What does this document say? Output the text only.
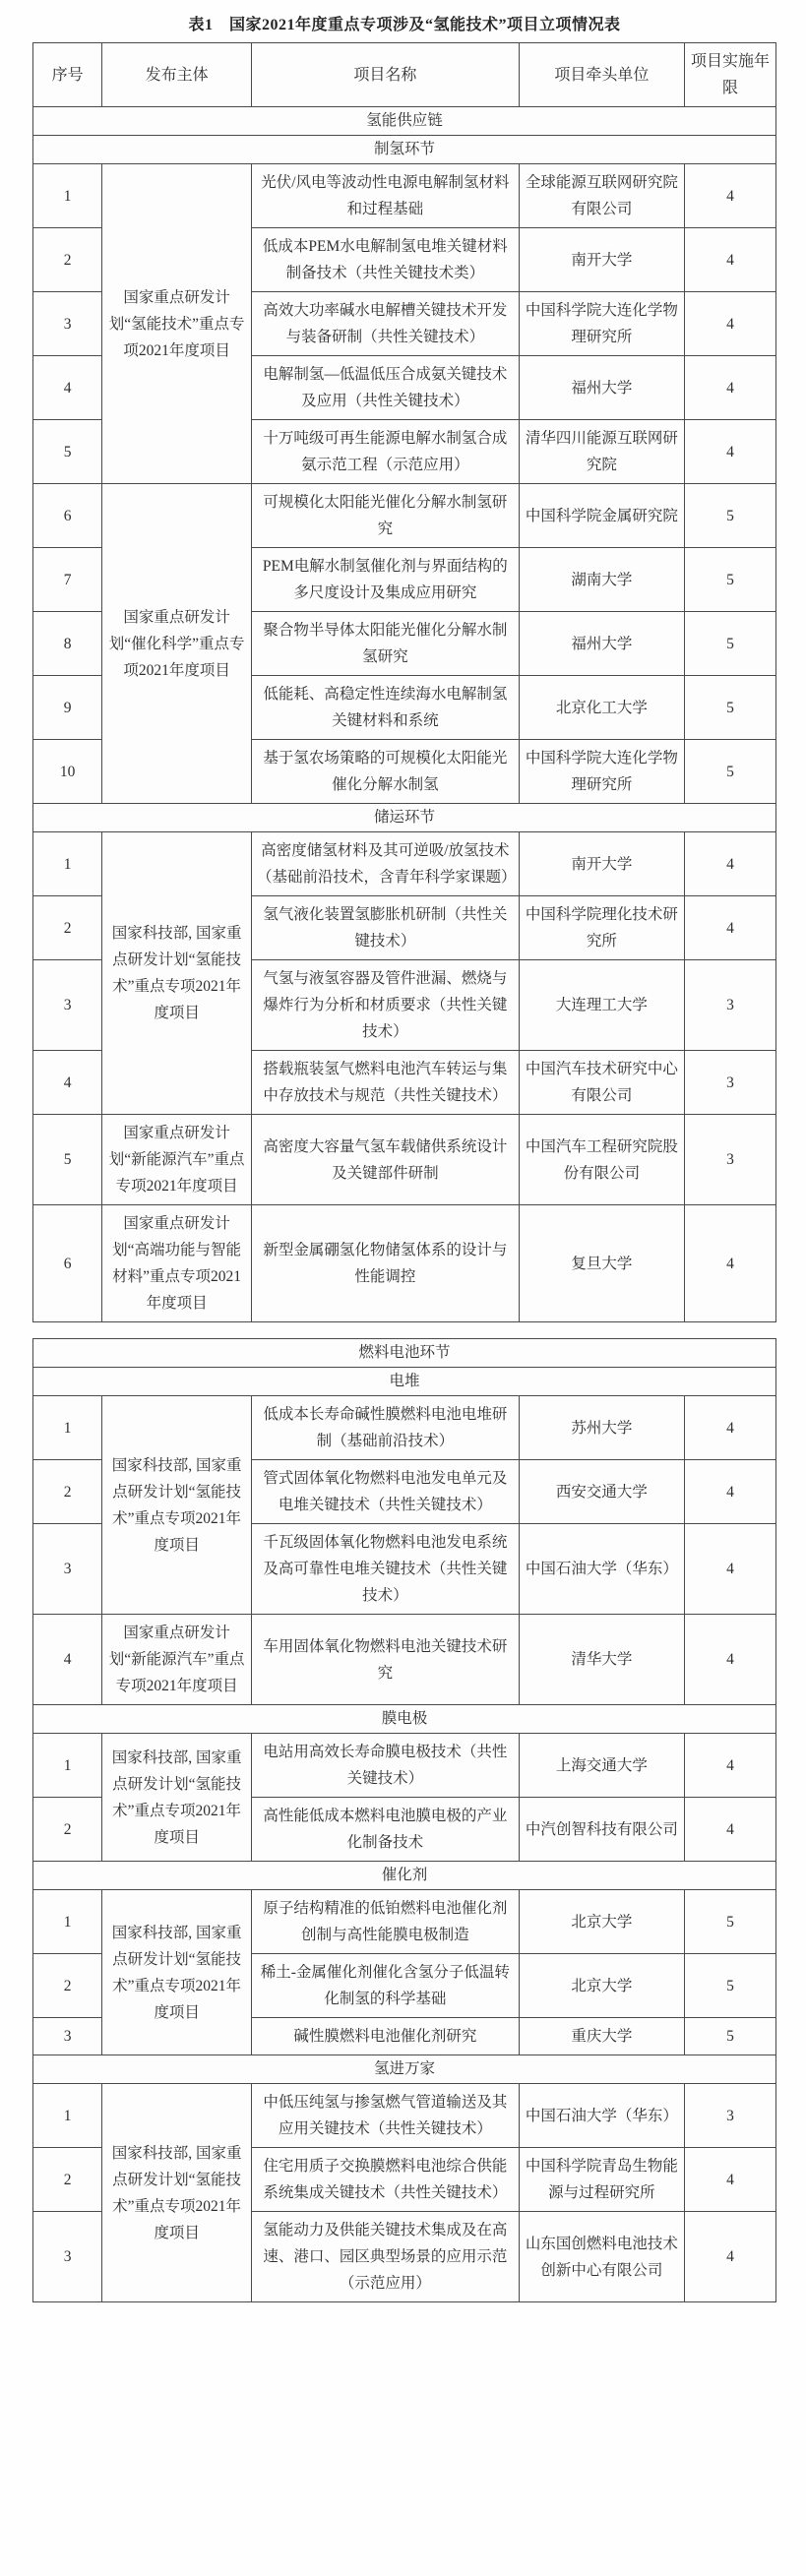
表1　国家2021年度重点专项涉及“氢能技术”项目立项情况表
序号	发布主体	项目名称	项目牵头单位	项目实施年限
氢能供应链				
制氢环节				
1	国家重点研发计划“氢能技术”重点专项2021年度项目	光伏/风电等波动性电源电解制氢材料和过程基础	全球能源互联网研究院有限公司	4
2		低成本PEM水电解制氢电堆关键材料制备技术（共性关键技术类）	南开大学	4
3		高效大功率碱水电解槽关键技术开发与装备研制（共性关键技术）	中国科学院大连化学物理研究所	4
4		电解制氢—低温低压合成氨关键技术及应用（共性关键技术）	福州大学	4
5		十万吨级可再生能源电解水制氢合成氨示范工程（示范应用）	清华四川能源互联网研究院	4
6	国家重点研发计划“催化科学”重点专项2021年度项目	可规模化太阳能光催化分解水制氢研究	中国科学院金属研究院	5
7		PEM电解水制氢催化剂与界面结构的多尺度设计及集成应用研究	湖南大学	5
8		聚合物半导体太阳能光催化分解水制氢研究	福州大学	5
9		低能耗、高稳定性连续海水电解制氢关键材料和系统	北京化工大学	5
10		基于氢农场策略的可规模化太阳能光催化分解水制氢	中国科学院大连化学物理研究所	5
储运环节				
1	国家科技部, 国家重点研发计划“氢能技术”重点专项2021年度项目	高密度储氢材料及其可逆吸/放氢技术（基础前沿技术，含青年科学家课题）	南开大学	4
2		氢气液化装置氢膨胀机研制（共性关键技术）	中国科学院理化技术研究所	4
3		气氢与液氢容器及管件泄漏、燃烧与爆炸行为分析和材质要求（共性关键技术）	大连理工大学	3
4		搭载瓶装氢气燃料电池汽车转运与集中存放技术与规范（共性关键技术）	中国汽车技术研究中心有限公司	3
5	国家重点研发计划“新能源汽车”重点专项2021年度项目	高密度大容量气氢车载储供系统设计及关键部件研制	中国汽车工程研究院股份有限公司	3
6	国家重点研发计划“高端功能与智能材料”重点专项2021年度项目	新型金属硼氢化物储氢体系的设计与性能调控	复旦大学	4
燃料电池环节				
电堆				
1	国家科技部, 国家重点研发计划“氢能技术”重点专项2021年度项目	低成本长寿命碱性膜燃料电池电堆研制（基础前沿技术）	苏州大学	4
2		管式固体氧化物燃料电池发电单元及电堆关键技术（共性关键技术）	西安交通大学	4
3		千瓦级固体氧化物燃料电池发电系统及高可靠性电堆关键技术（共性关键技术）	中国石油大学（华东）	4
4	国家重点研发计划“新能源汽车”重点专项2021年度项目	车用固体氧化物燃料电池关键技术研究	清华大学	4
膜电极				
1	国家科技部, 国家重点研发计划“氢能技术”重点专项2021年度项目	电站用高效长寿命膜电极技术（共性关键技术）	上海交通大学	4
2		高性能低成本燃料电池膜电极的产业化制备技术	中汽创智科技有限公司	4
催化剂				
1	国家科技部, 国家重点研发计划“氢能技术”重点专项2021年度项目	原子结构精准的低铂燃料电池催化剂创制与高性能膜电极制造	北京大学	5
2		稀土-金属催化剂催化含氢分子低温转化制氢的科学基础	北京大学	5
3		碱性膜燃料电池催化剂研究	重庆大学	5
氢进万家				
1	国家科技部, 国家重点研发计划“氢能技术”重点专项2021年度项目	中低压纯氢与掺氢燃气管道输送及其应用关键技术（共性关键技术）	中国石油大学（华东）	3
2		住宅用质子交换膜燃料电池综合供能系统集成关键技术（共性关键技术）	中国科学院青岛生物能源与过程研究所	4
3		氢能动力及供能关键技术集成及在高速、港口、园区典型场景的应用示范（示范应用）	山东国创燃料电池技术创新中心有限公司	4
